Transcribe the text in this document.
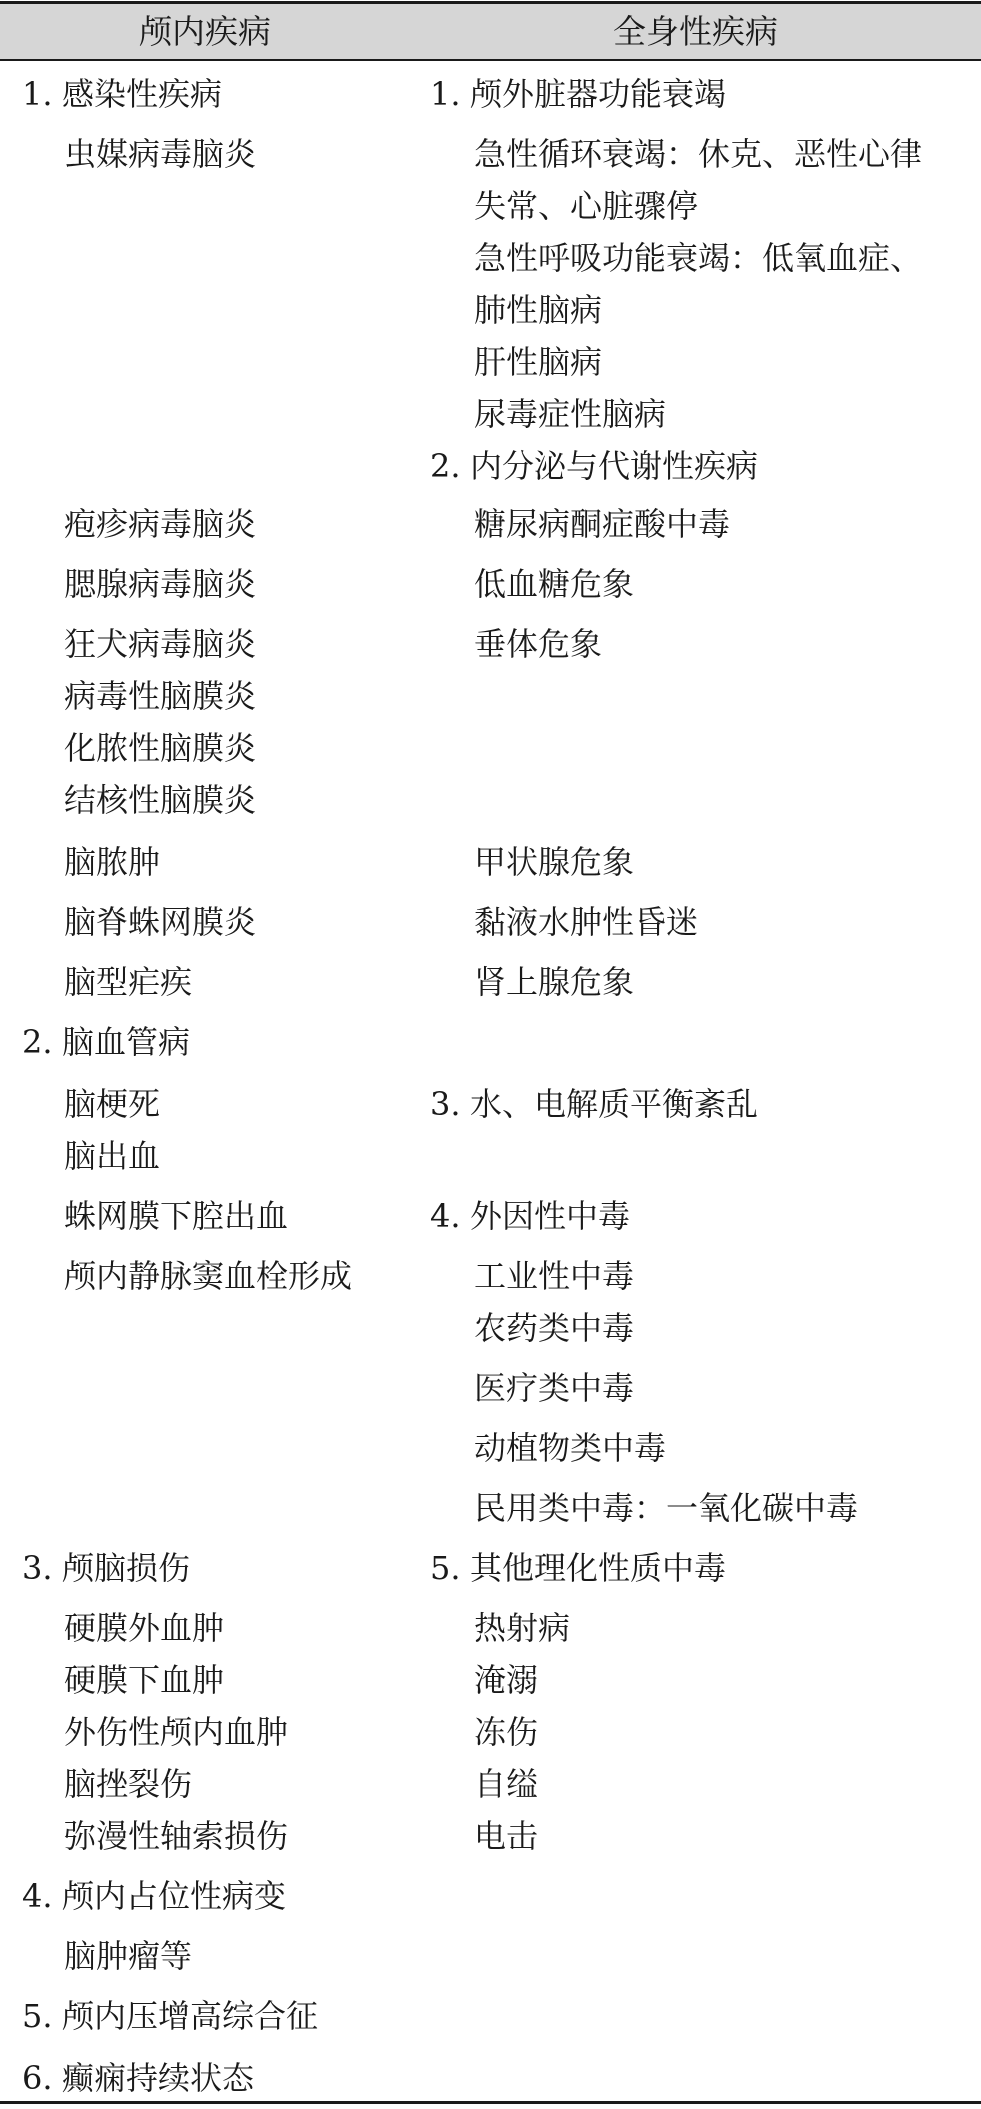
颅内疾病	全身性疾病
1. 感染性疾病
虫媒病毒脑炎
疱疹病毒脑炎
腮腺病毒脑炎
狂犬病毒脑炎
病毒性脑膜炎
化脓性脑膜炎
结核性脑膜炎
脑脓肿
脑脊蛛网膜炎
脑型疟疾
2. 脑血管病
脑梗死
脑出血
蛛网膜下腔出血
颅内静脉窦血栓形成
3. 颅脑损伤
硬膜外血肿
硬膜下血肿
外伤性颅内血肿
脑挫裂伤
弥漫性轴索损伤
4. 颅内占位性病变
脑肿瘤等
5. 颅内压增高综合征
6. 癫痫持续状态
1. 颅外脏器功能衰竭
急性循环衰竭：休克、恶性心律
失常、心脏骤停
急性呼吸功能衰竭：低氧血症、
肺性脑病
肝性脑病
尿毒症性脑病
2. 内分泌与代谢性疾病
糖尿病酮症酸中毒
低血糖危象
垂体危象
甲状腺危象
黏液水肿性昏迷
肾上腺危象
3. 水、电解质平衡紊乱
4. 外因性中毒
工业性中毒
农药类中毒
医疗类中毒
动植物类中毒
民用类中毒：一氧化碳中毒
5. 其他理化性质中毒
热射病
淹溺
冻伤
自缢
电击
